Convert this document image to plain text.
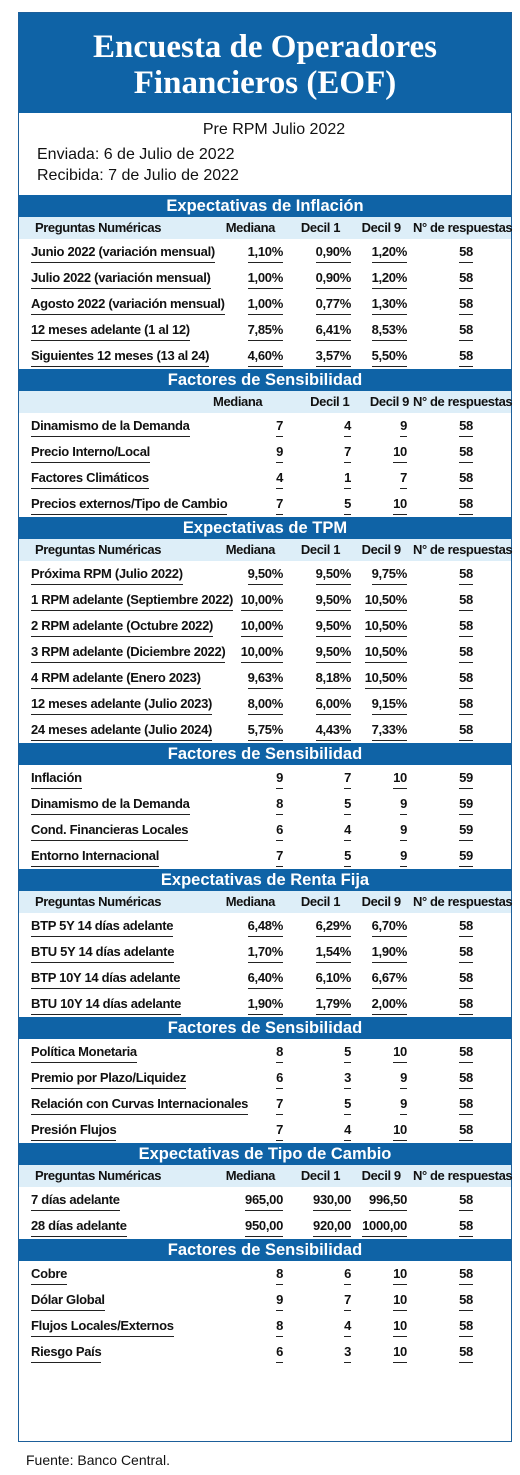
Encuesta de Operadores
Financieros (EOF)
Pre RPM Julio 2022
Enviada: 6 de Julio de 2022
Recibida: 7 de Julio de 2022
Expectativas de Inflación
Preguntas Numéricas	Mediana	Decil 1	Decil 9 N° de respuestas
Junio 2022 (variación mensual)	1,10%	0,90%	1,20%	58
Julio 2022 (variación mensual)	1,00%	0,90%	1,20%	58
Agosto 2022 (variación mensual)	1,00%	0,77%	1,30%	58
12 meses adelante (1 al 12)	7,85%	6,41%	8,53%	58
Siguientes 12 meses (13 al 24)	4,60%	3,57%	5,50%	58
Factores de Sensibilidad
Mediana	Decil 1	Decil 9 N° de respuestas
Dinamismo de la Demanda	7	4	9	58
Precio Interno/Local	9	7	10	58
Factores Climáticos	4	1	7	58
Precios externos/Tipo de Cambio	7	5	10	58
Expectativas de TPM
Preguntas Numéricas	Mediana	Decil 1	Decil 9 N° de respuestas
Próxima RPM (Julio 2022)	9,50%	9,50%	9,75%	58
1 RPM adelante (Septiembre 2022) 10,00%	9,50%	10,50%	58
2 RPM adelante (Octubre 2022)	10,00%	9,50%	10,50%	58
3 RPM adelante (Diciembre 2022)	10,00%	9,50%	10,50%	58
4 RPM adelante (Enero 2023)	9,63%	8,18%	10,50%	58
12 meses adelante (Julio 2023)	8,00%	6,00%	9,15%	58
24 meses adelante (Julio 2024)	5,75%	4,43%	7,33%	58
Factores de Sensibilidad
Inflación	9	7	10	59
Dinamismo de la Demanda	8	5	9	59
Cond. Financieras Locales	6	4	9	59
Entorno Internacional	7	5	9	59
Expectativas de Renta Fija
Preguntas Numéricas	Mediana	Decil 1	Decil 9 N° de respuestas
BTP 5Y 14 días adelante	6,48%	6,29%	6,70%	58
BTU 5Y 14 días adelante	1,70%	1,54%	1,90%	58
BTP 10Y 14 días adelante	6,40%	6,10%	6,67%	58
BTU 10Y 14 días adelante	1,90%	1,79%	2,00%	58
Factores de Sensibilidad
Política Monetaria	8	5	10	58
Premio por Plazo/Liquidez	6	3	9	58
Relación con Curvas Internacionales	7	5	9	58
Presión Flujos	7	4	10	58
Expectativas de Tipo de Cambio
Preguntas Numéricas	Mediana	Decil 1	Decil 9 N° de respuestas
7 días adelante	965,00	930,00	996,50	58
28 días adelante	950,00	920,00 1000,00	58
Factores de Sensibilidad
Cobre	8	6	10	58
Dólar Global	9	7	10	58
Flujos Locales/Externos	8	4	10	58
Riesgo País	6	3	10	58
Fuente: Banco Central.
